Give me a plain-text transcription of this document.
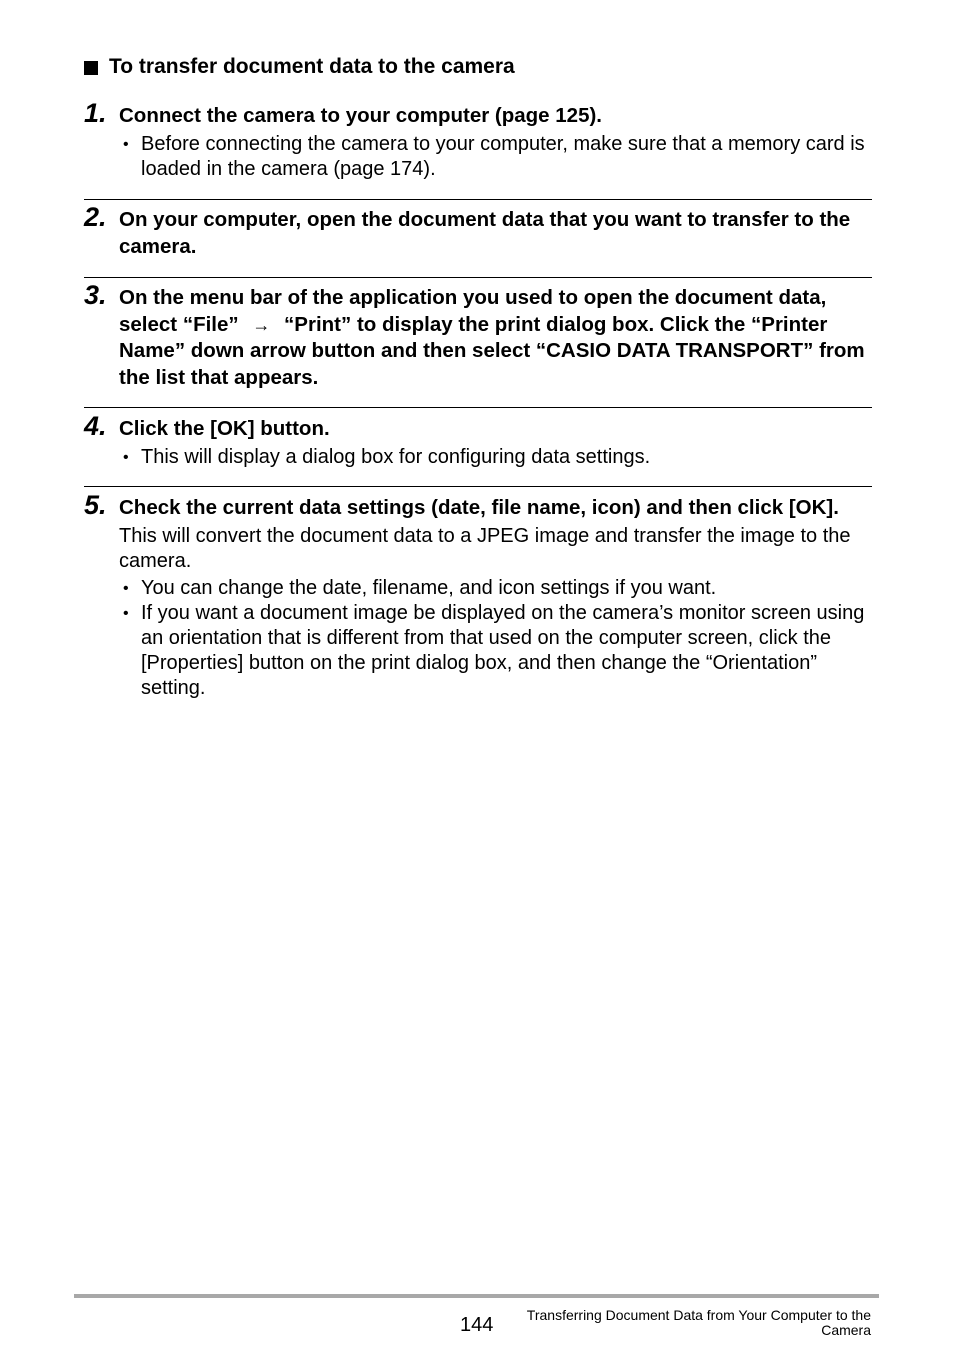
To transfer document data to the camera
1. Connect the camera to your computer (page 125).
• Before connecting the camera to your computer, make sure that a memory card is loaded in the camera (page 174).
2. On your computer, open the document data that you want to transfer to the camera.
3. On the menu bar of the application you used to open the document data, select “File” → “Print” to display the print dialog box. Click the “Printer Name” down arrow button and then select “CASIO DATA TRANSPORT” from the list that appears.
4. Click the [OK] button.
• This will display a dialog box for configuring data settings.
5. Check the current data settings (date, file name, icon) and then click [OK].
This will convert the document data to a JPEG image and transfer the image to the camera.
• You can change the date, filename, and icon settings if you want.
• If you want a document image be displayed on the camera’s monitor screen using an orientation that is different from that used on the computer screen, click the [Properties] button on the print dialog box, and then change the “Orientation” setting.
144	Transferring Document Data from Your Computer to the Camera
